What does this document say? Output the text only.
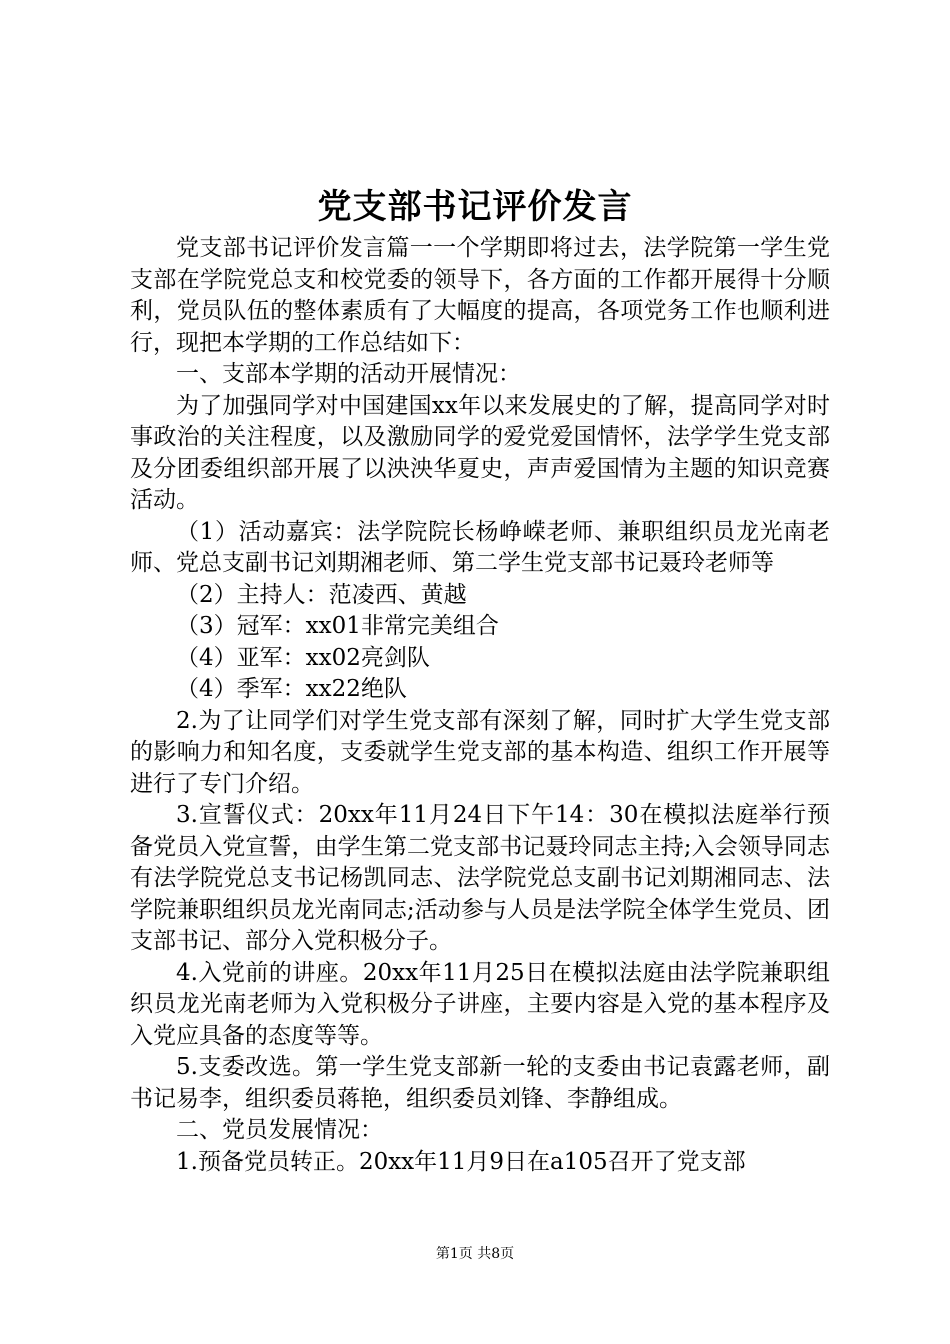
党支部书记评价发言

党支部书记评价发言篇一一个学期即将过去，法学院第一学生党支部在学院党总支和校党委的领导下，各方面的工作都开展得十分顺利，党员队伍的整体素质有了大幅度的提高，各项党务工作也顺利进行，现把本学期的工作总结如下：

一、支部本学期的活动开展情况：

为了加强同学对中国建国xx年以来发展史的了解，提高同学对时事政治的关注程度，以及激励同学的爱党爱国情怀，法学学生党支部及分团委组织部开展了以泱泱华夏史，声声爱国情为主题的知识竞赛活动。

（1）活动嘉宾：法学院院长杨峥嵘老师、兼职组织员龙光南老师、党总支副书记刘期湘老师、第二学生党支部书记聂玲老师等

（2）主持人：范凌西、黄越

（3）冠军：xx01非常完美组合

（4）亚军：xx02亮剑队

（4）季军：xx22绝队

2.为了让同学们对学生党支部有深刻了解，同时扩大学生党支部的影响力和知名度，支委就学生党支部的基本构造、组织工作开展等进行了专门介绍。

3.宣誓仪式：20xx年11月24日下午14：30在模拟法庭举行预备党员入党宣誓，由学生第二党支部书记聂玲同志主持;入会领导同志有法学院党总支书记杨凯同志、法学院党总支副书记刘期湘同志、法学院兼职组织员龙光南同志;活动参与人员是法学院全体学生党员、团支部书记、部分入党积极分子。

4.入党前的讲座。20xx年11月25日在模拟法庭由法学院兼职组织员龙光南老师为入党积极分子讲座，主要内容是入党的基本程序及入党应具备的态度等等。

5.支委改选。第一学生党支部新一轮的支委由书记袁露老师，副书记易李，组织委员蒋艳，组织委员刘锋、李静组成。

二、党员发展情况：

1.预备党员转正。20xx年11月9日在a105召开了党支部

第1页 共8页
